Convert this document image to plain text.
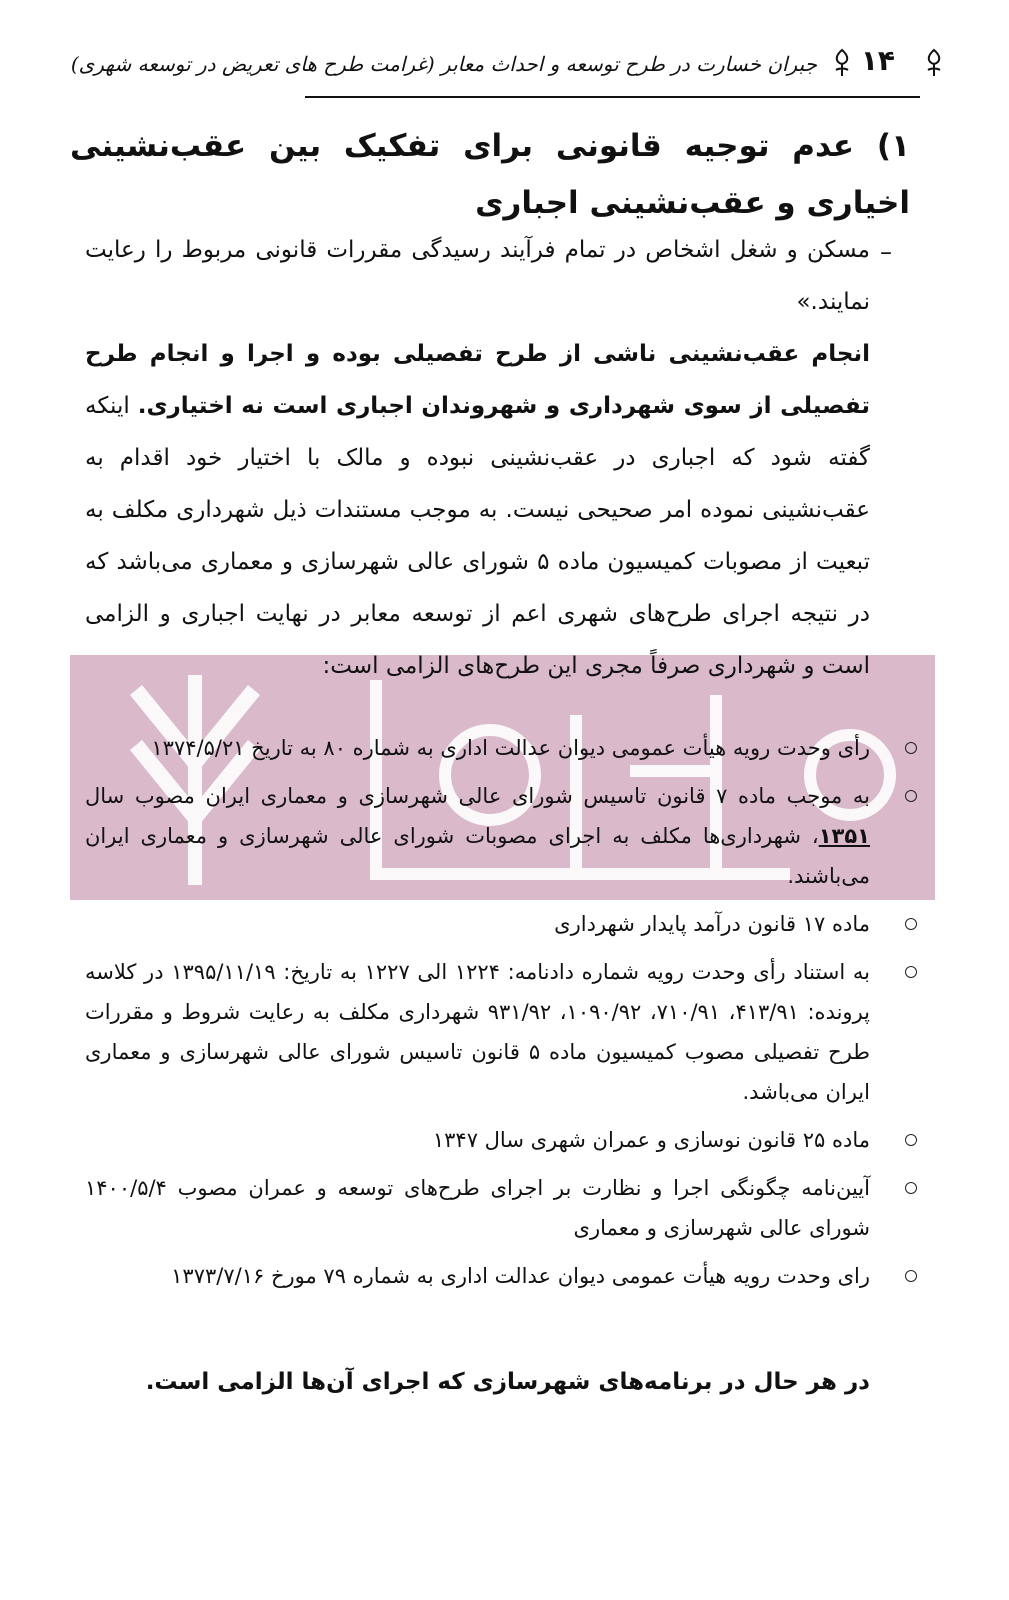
۱۴
جبران خسارت در طرح توسعه و احداث معابر (غرامت طرح های تعریض در توسعه شهری)
۱) عدم توجیه قانونی برای تفکیک بین عقب‌نشینی اخیاری و عقب‌نشینی اجباری
–
مسکن و شغل اشخاص در تمام فرآیند رسیدگی مقررات قانونی مربوط را رعایت نمایند.»
انجام عقب‌نشینی ناشی از طرح تفصیلی بوده و اجرا و انجام طرح تفصیلی از سوی شهرداری و شهروندان اجباری است نه اختیاری. اینکه گفته شود که اجباری در عقب‌نشینی نبوده و مالک با اختیار خود اقدام به عقب‌نشینی نموده امر صحیحی نیست. به موجب مستندات ذیل شهرداری مکلف به تبعیت از مصوبات کمیسیون ماده ۵ شورای عالی شهرسازی و معماری می‌باشد که در نتیجه اجرای طرح‌های شهری اعم از توسعه معابر در نهایت اجباری و الزامی است و شهرداری صرفاً مجری این طرح‌های الزامی است:
رأی وحدت رویه هیأت عمومی دیوان عدالت اداری به شماره ۸۰ به تاریخ ۱۳۷۴/۵/۲۱
به موجب ماده ۷ قانون تاسیس شورای عالی شهرسازی و معماری ایران مصوب سال ۱۳۵۱، شهرداری‌ها مکلف به اجرای مصوبات شورای عالی شهرسازی و معماری ایران می‌باشند.
ماده ۱۷ قانون درآمد پایدار شهرداری
به استناد رأی وحدت رویه شماره دادنامه: ۱۲۲۴ الی ۱۲۲۷ به تاریخ: ۱۳۹۵/۱۱/۱۹ در کلاسه پرونده: ۴۱۳/۹۱، ۷۱۰/۹۱، ۱۰۹۰/۹۲، ۹۳۱/۹۲ شهرداری مکلف به رعایت شروط و مقررات طرح تفصیلی مصوب کمیسیون ماده ۵ قانون تاسیس شورای عالی شهرسازی و معماری ایران می‌باشد.
ماده ۲۵ قانون نوسازی و عمران شهری سال ۱۳۴۷
آیین‌نامه چگونگی اجرا و نظارت بر اجرای طرح‌های توسعه و عمران مصوب ۱۴۰۰/۵/۴ شورای عالی شهرسازی و معماری
رای وحدت رویه هیأت عمومی دیوان عدالت اداری به شماره ۷۹ مورخ ۱۳۷۳/۷/۱۶
در هر حال در برنامه‌های شهرسازی که اجرای آن‌ها الزامی است.
